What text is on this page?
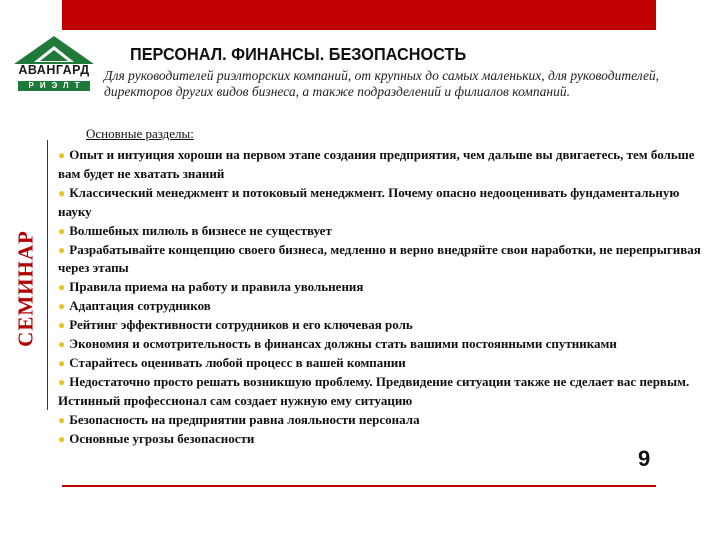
СЕМИНАР
АВАНГАРД
РИЭЛТ
ПЕРСОНАЛ. ФИНАНСЫ. БЕЗОПАСНОСТЬ
Для руководителей риэлторских компаний, от крупных до самых маленьких, для руководителей, директоров других видов бизнеса, а также подразделений и филиалов компаний.
Основные разделы:
● Опыт и интуиция хороши на первом этапе создания предприятия, чем дальше вы двигаетесь, тем больше вам будет не хватать знаний
● Классический менеджмент и потоковый менеджмент. Почему опасно недооценивать фундаментальную науку
● Волшебных пилюль в бизнесе не существует
● Разрабатывайте концепцию своего бизнеса, медленно и верно внедряйте свои наработки, не перепрыгивая через этапы
● Правила приема на работу и правила увольнения
● Адаптация сотрудников
● Рейтинг эффективности сотрудников и его ключевая роль
● Экономия и осмотрительность в финансах должны стать вашими постоянными спутниками
● Старайтесь оценивать любой процесс в вашей компании
● Недостаточно просто решать возникшую проблему. Предвидение ситуации также не сделает вас первым. Истинный профессионал сам создает нужную ему ситуацию
● Безопасность на предприятии равна лояльности персонала
● Основные угрозы безопасности
9
